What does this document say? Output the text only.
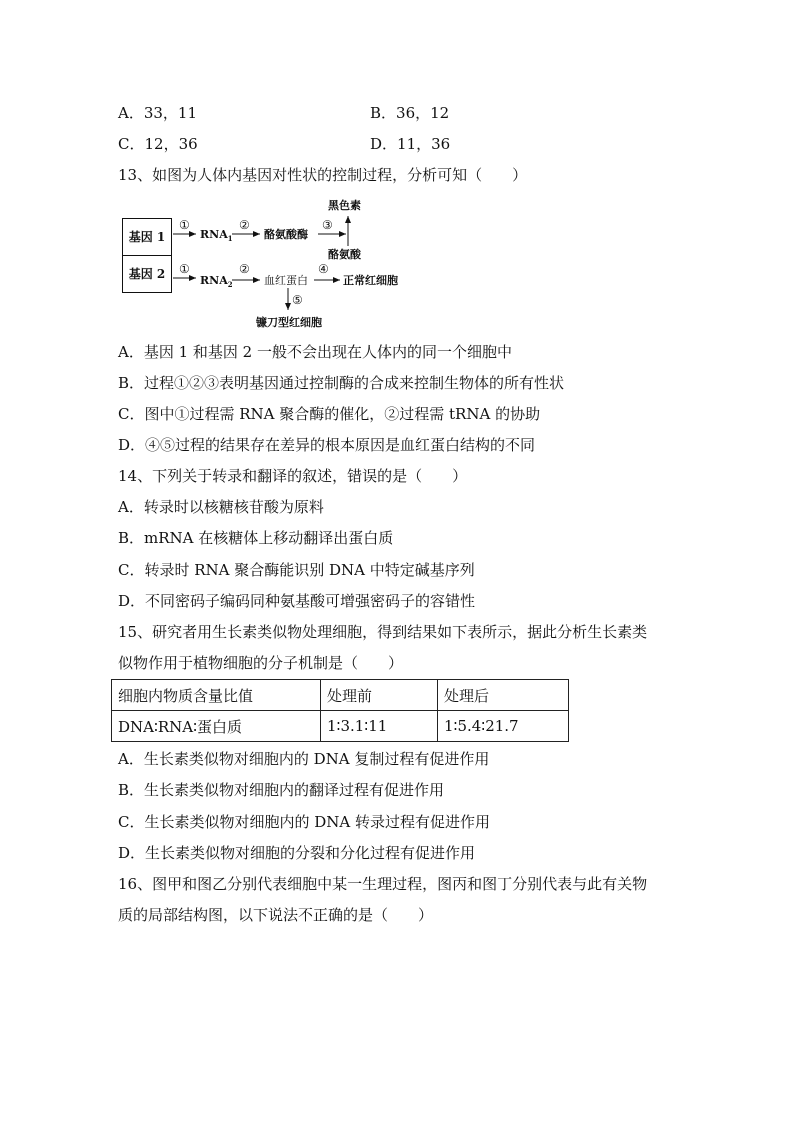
A．33，11	B．36，12
C．12，36	D．11，36
13、如图为人体内基因对性状的控制过程，分析可知（　　）
基因 1
基因 2
①
$RNA_1$
②
酪氨酸酶
③
黑色素
酪氨酸
①
$RNA_2$
②
血红蛋白
④
正常红细胞
⑤
镰刀型红细胞
A．基因 1 和基因 2 一般不会出现在人体内的同一个细胞中
B．过程①②③表明基因通过控制酶的合成来控制生物体的所有性状
C．图中①过程需 RNA 聚合酶的催化，②过程需 tRNA 的协助
D．④⑤过程的结果存在差异的根本原因是血红蛋白结构的不同
14、下列关于转录和翻译的叙述，错误的是（　　）
A．转录时以核糖核苷酸为原料
B．mRNA 在核糖体上移动翻译出蛋白质
C．转录时 RNA 聚合酶能识别 DNA 中特定碱基序列
D．不同密码子编码同种氨基酸可增强密码子的容错性
15、研究者用生长素类似物处理细胞，得到结果如下表所示，据此分析生长素类
似物作用于植物细胞的分子机制是（　　）
细胞内物质含量比值	处理前	处理后
DNA∶RNA∶蛋白质	1∶3.1∶11	1∶5.4∶21.7
A．生长素类似物对细胞内的 DNA 复制过程有促进作用
B．生长素类似物对细胞内的翻译过程有促进作用
C．生长素类似物对细胞内的 DNA 转录过程有促进作用
D．生长素类似物对细胞的分裂和分化过程有促进作用
16、图甲和图乙分别代表细胞中某一生理过程，图丙和图丁分别代表与此有关物
质的局部结构图，以下说法不正确的是（　　）
